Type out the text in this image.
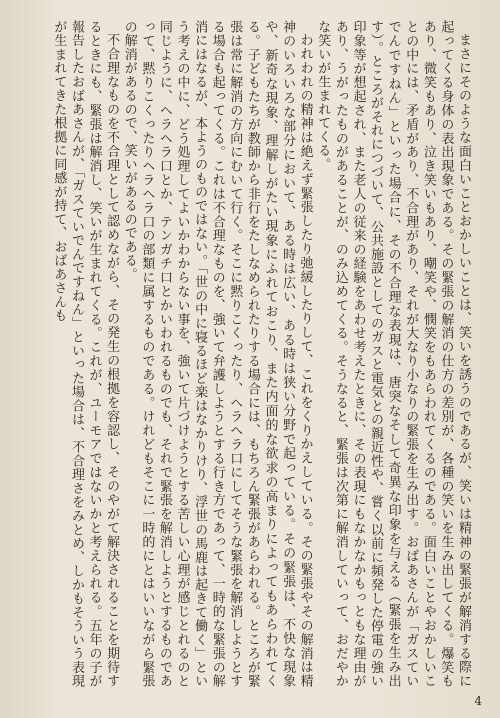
まさにそのような面白いことおかしいことは、笑いを誘うのであるが、笑いは精神の緊張が解消する際に起ってくる身体の表出現象である。その緊張の解消の仕方の差別が、各種の笑いを生み出してくる。爆笑もあり、微笑もあり、泣き笑いもあり、嘲笑や、憫笑をもあらわれてくるのである。面白いことやおかしいことの中には、矛盾があり、不合理があり、それが大なり小なりの緊張を生み出す。おばあさんが「ガスていでんですねん」といった場合に、その不合理な表現は、唐突なそして奇異な印象を与える（緊張を生み出す）。ところがそれにつづいて、公共施設としてのガスと電気との親近性や、嘗く以前に頻発した停電の強い印象等が想起され、また老人の従来の経験をあわせ考えたときに、その表現にもなかなかもっともな理由があり、うがったものがあることが、のみ込めてくる。そうなると、緊張は次第に解消していって、おだやかな笑いが生まれてくる。

われわれの精神は絶えず緊張したり弛緩したりして、これをくりかえしている。その緊張やその解消は精神のいろいろな部分において、ある時は広い、ある時は狭い分野で起っている。その緊張は、不快な現象や、新奇な現象、理解しがたい現象にふれておこり、また内面的な欲求の高まりによってもあらわれてくる。子どもたちが教師から非行をたしなめられたりする場合には、もちろん緊張があらわれる。ところが緊張は常に解消の方向にむいて行く。そこに黙りこくったり、ヘラヘラ口にしてそうな緊張を解消しようとする場合も起ってくる。これは不合理なものを、強いて弁護しようとする行き方であって、一時的な緊張の解消にはなるが、本ようのものではない。「世の中に寝るほど楽はなかりけり、浮世の馬鹿は起きて働く」という考えの中に、どう処理してよいかわからない事を、強いて片づけようとする苦しい心理が感じとれるのと同じように、ヘラヘラ口とか、テンガチ口とかいわれるものでも、それで緊張を解消しようとするものであって、黙りこくったりヘラヘラ口の部類に属するものである。けれどもそこに一時的にとはいいながら緊張の解消があるので、笑いがあるのである。

不合理なものを不合理として認めながら、その発生の根拠を容認し、そのやがて解決されることを期待するときにも、緊張は解消し、笑いが生まれてくる。これが、ユーモアではないかと考えられる。五年の子が報告したおばあさんが、「ガスていでんですねん」といった場合は、不合理さをみとめ、しかもそういう表現が生まれてきた根拠に同感が持て、おばあさんも

4
